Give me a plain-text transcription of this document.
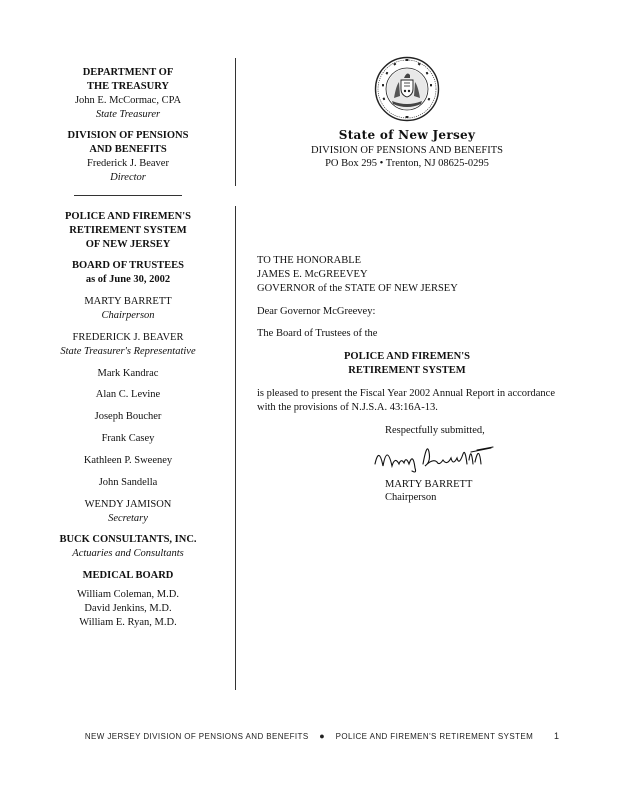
DEPARTMENT OF
THE TREASURY
John E. McCormac, CPA
State Treasurer
DIVISION OF PENSIONS
AND BENEFITS
Frederick J. Beaver
Director
POLICE AND FIREMEN'S
RETIREMENT SYSTEM
OF NEW JERSEY
BOARD OF TRUSTEES
as of June 30, 2002
MARTY BARRETT
Chairperson
FREDERICK J. BEAVER
State Treasurer's Representative
Mark Kandrac
Alan C. Levine
Joseph Boucher
Frank Casey
Kathleen P. Sweeney
John Sandella
WENDY JAMISON
Secretary
BUCK CONSULTANTS, INC.
Actuaries and Consultants
MEDICAL BOARD
William Coleman, M.D.
David Jenkins, M.D.
William E. Ryan, M.D.
State of New Jersey
DIVISION OF PENSIONS AND BENEFITS
PO Box 295 • Trenton, NJ 08625-0295

TO THE HONORABLE

JAMES E. McGREEVEY

GOVERNOR of the STATE OF NEW JERSEY

Dear Governor McGreevey:

The Board of Trustees of the

POLICE AND FIREMEN'S

RETIREMENT SYSTEM

is pleased to present the Fiscal Year 2002 Annual Report in accordance with the provisions of N.J.S.A. 43:16A-13.

Respectfully submitted,

MARTY BARRETT

Chairperson

NEW JERSEY DIVISION OF PENSIONS AND BENEFITS ● POLICE AND FIREMEN'S RETIREMENT SYSTEM	1
